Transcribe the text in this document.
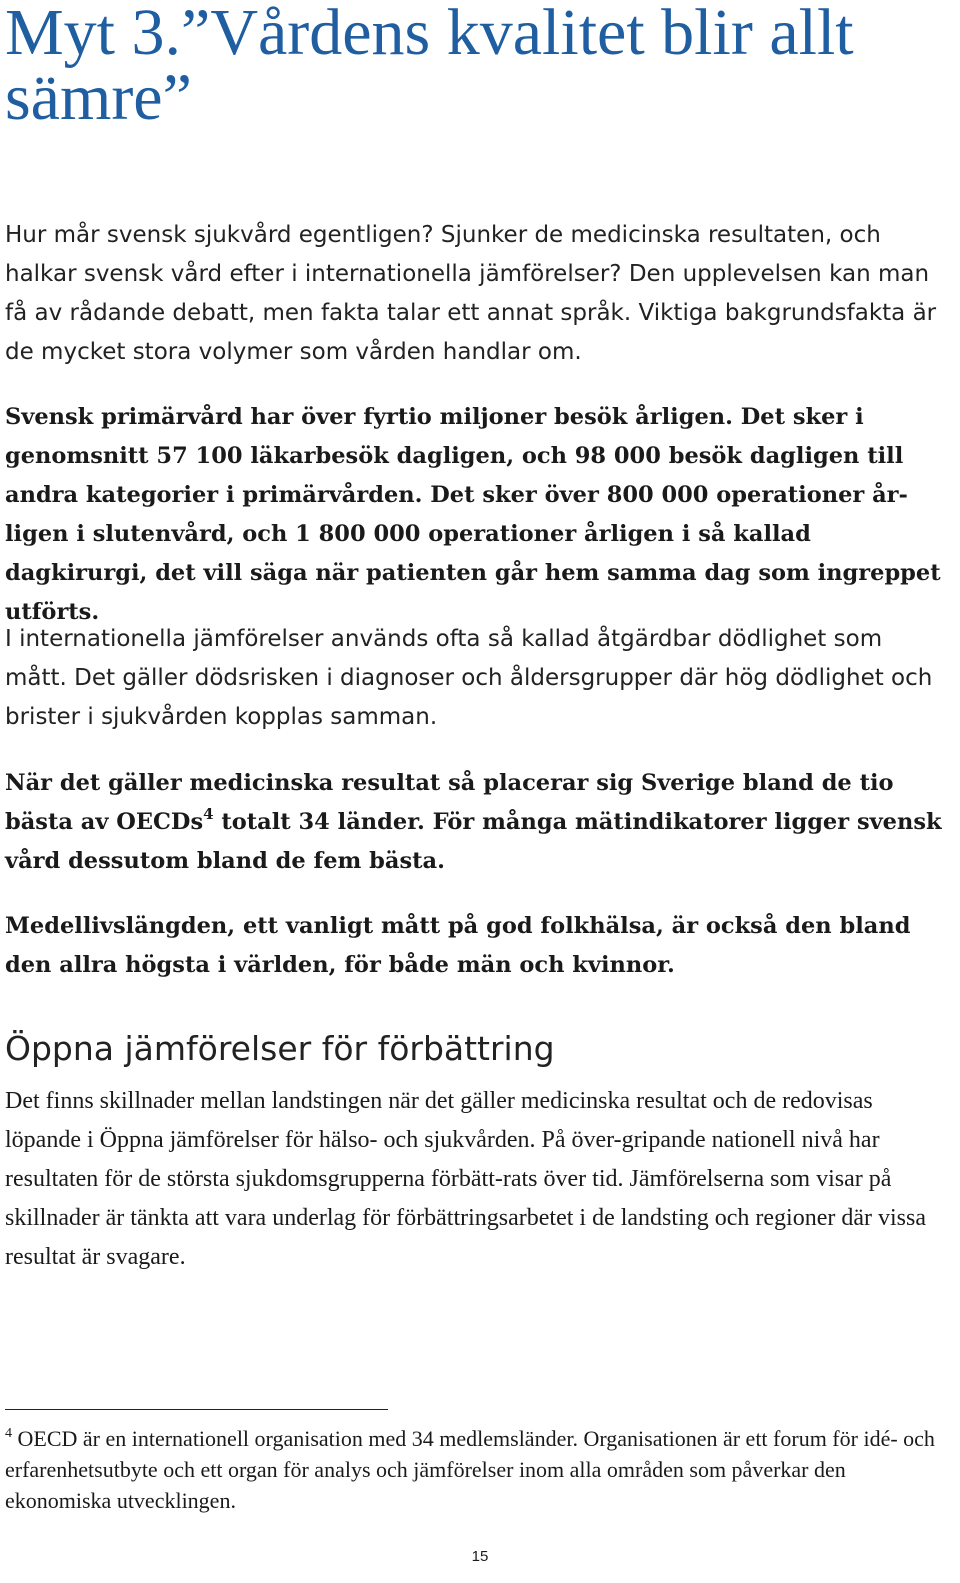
Myt 3.”Vårdens kvalitet blir allt sämre”

Hur mår svensk sjukvård egentligen? Sjunker de medicinska resultaten, och halkar svensk vård efter i internationella jämförelser? Den upplevelsen kan man få av rådande debatt, men fakta talar ett annat språk. Viktiga bakgrundsfakta är de mycket stora volymer som vården handlar om.

Svensk primärvård har över fyrtio miljoner besök årligen. Det sker i genomsnitt 57 100 läkarbesök dagligen, och 98 000 besök dagligen till andra kategorier i primärvården. Det sker över 800 000 operationer år-ligen i slutenvård, och 1 800 000 operationer årligen i så kallad dagkirurgi, det vill säga när patienten går hem samma dag som ingreppet utförts.

I internationella jämförelser används ofta så kallad åtgärdbar dödlighet som mått. Det gäller dödsrisken i diagnoser och åldersgrupper där hög dödlighet och brister i sjukvården kopplas samman.

När det gäller medicinska resultat så placerar sig Sverige bland de tio bästa av OECDs$^4$ totalt 34 länder. För många mätindikatorer ligger svensk vård dessutom bland de fem bästa.

Medellivslängden, ett vanligt mått på god folkhälsa, är också den bland den allra högsta i världen, för både män och kvinnor.

Öppna jämförelser för förbättring

Det finns skillnader mellan landstingen när det gäller medicinska resultat och de redovisas löpande i Öppna jämförelser för hälso- och sjukvården. På över-gripande nationell nivå har resultaten för de största sjukdomsgrupperna förbätt-rats över tid. Jämförelserna som visar på skillnader är tänkta att vara underlag för förbättringsarbetet i de landsting och regioner där vissa resultat är svagare.

$^4$ OECD är en internationell organisation med 34 medlemsländer. Organisationen är ett forum för idé- och erfarenhetsutbyte och ett organ för analys och jämförelser inom alla områden som påverkar den ekonomiska utvecklingen.

15
